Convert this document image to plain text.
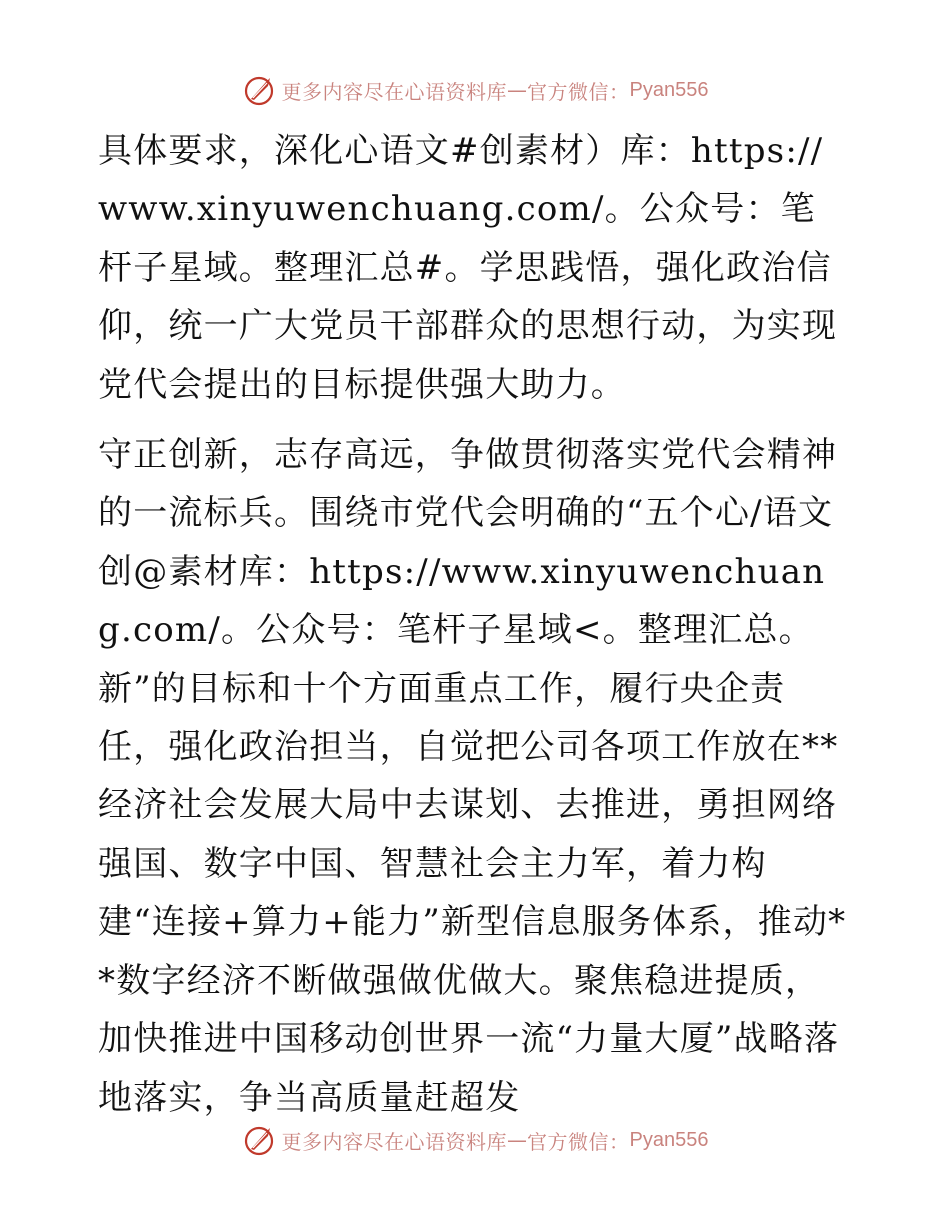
更多内容尽在心语资料库 — 官方微信： Pyan556

具体要求，深化心语文#创素材）库：https://www.xinyuwenchuang.com/。公众号：笔杆子星域。整理汇总#。学思践悟，强化政治信仰，统一广大党员干部群众的思想行动，为实现党代会提出的目标提供强大助力。

守正创新，志存高远，争做贯彻落实党代会精神的一流标兵。围绕市党代会明确的“五个心/语文创@素材库：https://www.xinyuwenchuang.com/。公众号：笔杆子星域<。整理汇总。新”的目标和十个方面重点工作，履行央企责任，强化政治担当，自觉把公司各项工作放在**经济社会发展大局中去谋划、去推进，勇担网络强国、数字中国、智慧社会主力军，着力构建“连接+算力+能力”新型信息服务体系，推动**数字经济不断做强做优做大。聚焦稳进提质，加快推进中国移动创世界一流“力量大厦”战略落地落实，争当高质量赶超发

更多内容尽在心语资料库 — 官方微信： Pyan556
